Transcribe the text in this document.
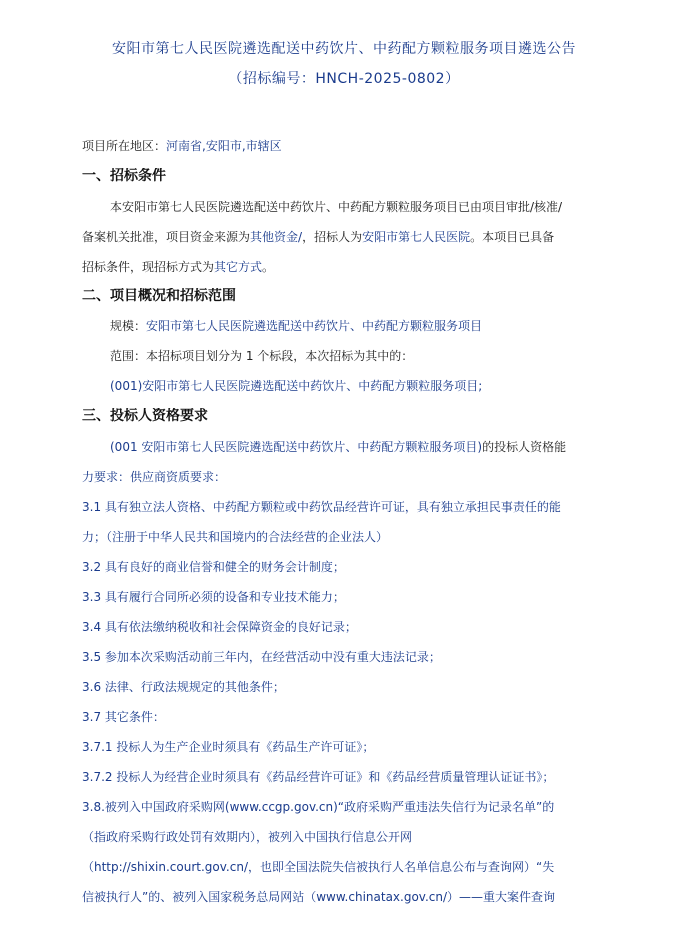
安阳市第七人民医院遴选配送中药饮片、中药配方颗粒服务项目遴选公告
（招标编号：HNCH-2025-0802）
项目所在地区：河南省,安阳市,市辖区
一、招标条件
本安阳市第七人民医院遴选配送中药饮片、中药配方颗粒服务项目已由项目审批/核准/
备案机关批准，项目资金来源为其他资金/，招标人为安阳市第七人民医院。本项目已具备
招标条件，现招标方式为其它方式。
二、项目概况和招标范围
规模：安阳市第七人民医院遴选配送中药饮片、中药配方颗粒服务项目
范围：本招标项目划分为 1 个标段，本次招标为其中的：
(001)安阳市第七人民医院遴选配送中药饮片、中药配方颗粒服务项目;
三、投标人资格要求
(001 安阳市第七人民医院遴选配送中药饮片、中药配方颗粒服务项目)的投标人资格能
力要求：供应商资质要求：
3.1 具有独立法人资格、中药配方颗粒或中药饮品经营许可证，具有独立承担民事责任的能
力；（注册于中华人民共和国境内的合法经营的企业法人）
3.2 具有良好的商业信誉和健全的财务会计制度；
3.3 具有履行合同所必须的设备和专业技术能力；
3.4 具有依法缴纳税收和社会保障资金的良好记录；
3.5 参加本次采购活动前三年内，在经营活动中没有重大违法记录；
3.6 法律、行政法规规定的其他条件；
3.7 其它条件：
3.7.1 投标人为生产企业时须具有《药品生产许可证》；
3.7.2 投标人为经营企业时须具有《药品经营许可证》和《药品经营质量管理认证证书》；
3.8.被列入中国政府采购网(www.ccgp.gov.cn)“政府采购严重违法失信行为记录名单”的
（指政府采购行政处罚有效期内），被列入中国执行信息公开网
（http://shixin.court.gov.cn/，也即全国法院失信被执行人名单信息公布与查询网）“失
信被执行人”的、被列入国家税务总局网站（www.chinatax.gov.cn/）——重大案件查询
